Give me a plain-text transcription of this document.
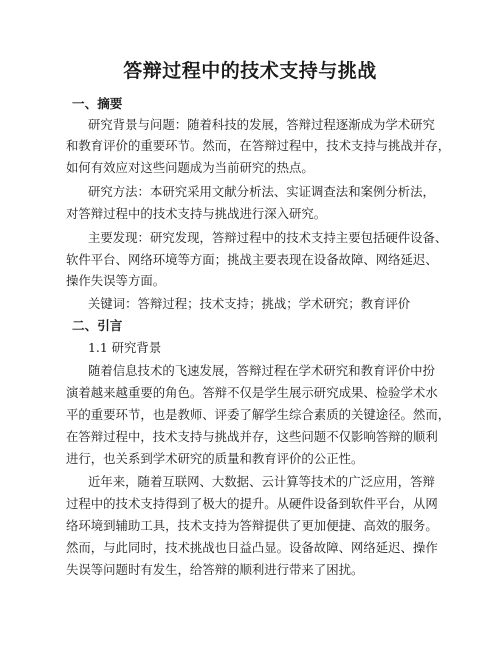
答辩过程中的技术支持与挑战
一、摘要
研究背景与问题：随着科技的发展，答辩过程逐渐成为学术研究
和教育评价的重要环节。然而，在答辩过程中，技术支持与挑战并存，
如何有效应对这些问题成为当前研究的热点。
研究方法：本研究采用文献分析法、实证调查法和案例分析法，
对答辩过程中的技术支持与挑战进行深入研究。
主要发现：研究发现，答辩过程中的技术支持主要包括硬件设备、
软件平台、网络环境等方面；挑战主要表现在设备故障、网络延迟、
操作失误等方面。
关键词：答辩过程；技术支持；挑战；学术研究；教育评价
二、引言
1.1 研究背景
随着信息技术的飞速发展，答辩过程在学术研究和教育评价中扮
演着越来越重要的角色。答辩不仅是学生展示研究成果、检验学术水
平的重要环节，也是教师、评委了解学生综合素质的关键途径。然而，
在答辩过程中，技术支持与挑战并存，这些问题不仅影响答辩的顺利
进行，也关系到学术研究的质量和教育评价的公正性。
近年来，随着互联网、大数据、云计算等技术的广泛应用，答辩
过程中的技术支持得到了极大的提升。从硬件设备到软件平台，从网
络环境到辅助工具，技术支持为答辩提供了更加便捷、高效的服务。
然而，与此同时，技术挑战也日益凸显。设备故障、网络延迟、操作
失误等问题时有发生，给答辩的顺利进行带来了困扰。
